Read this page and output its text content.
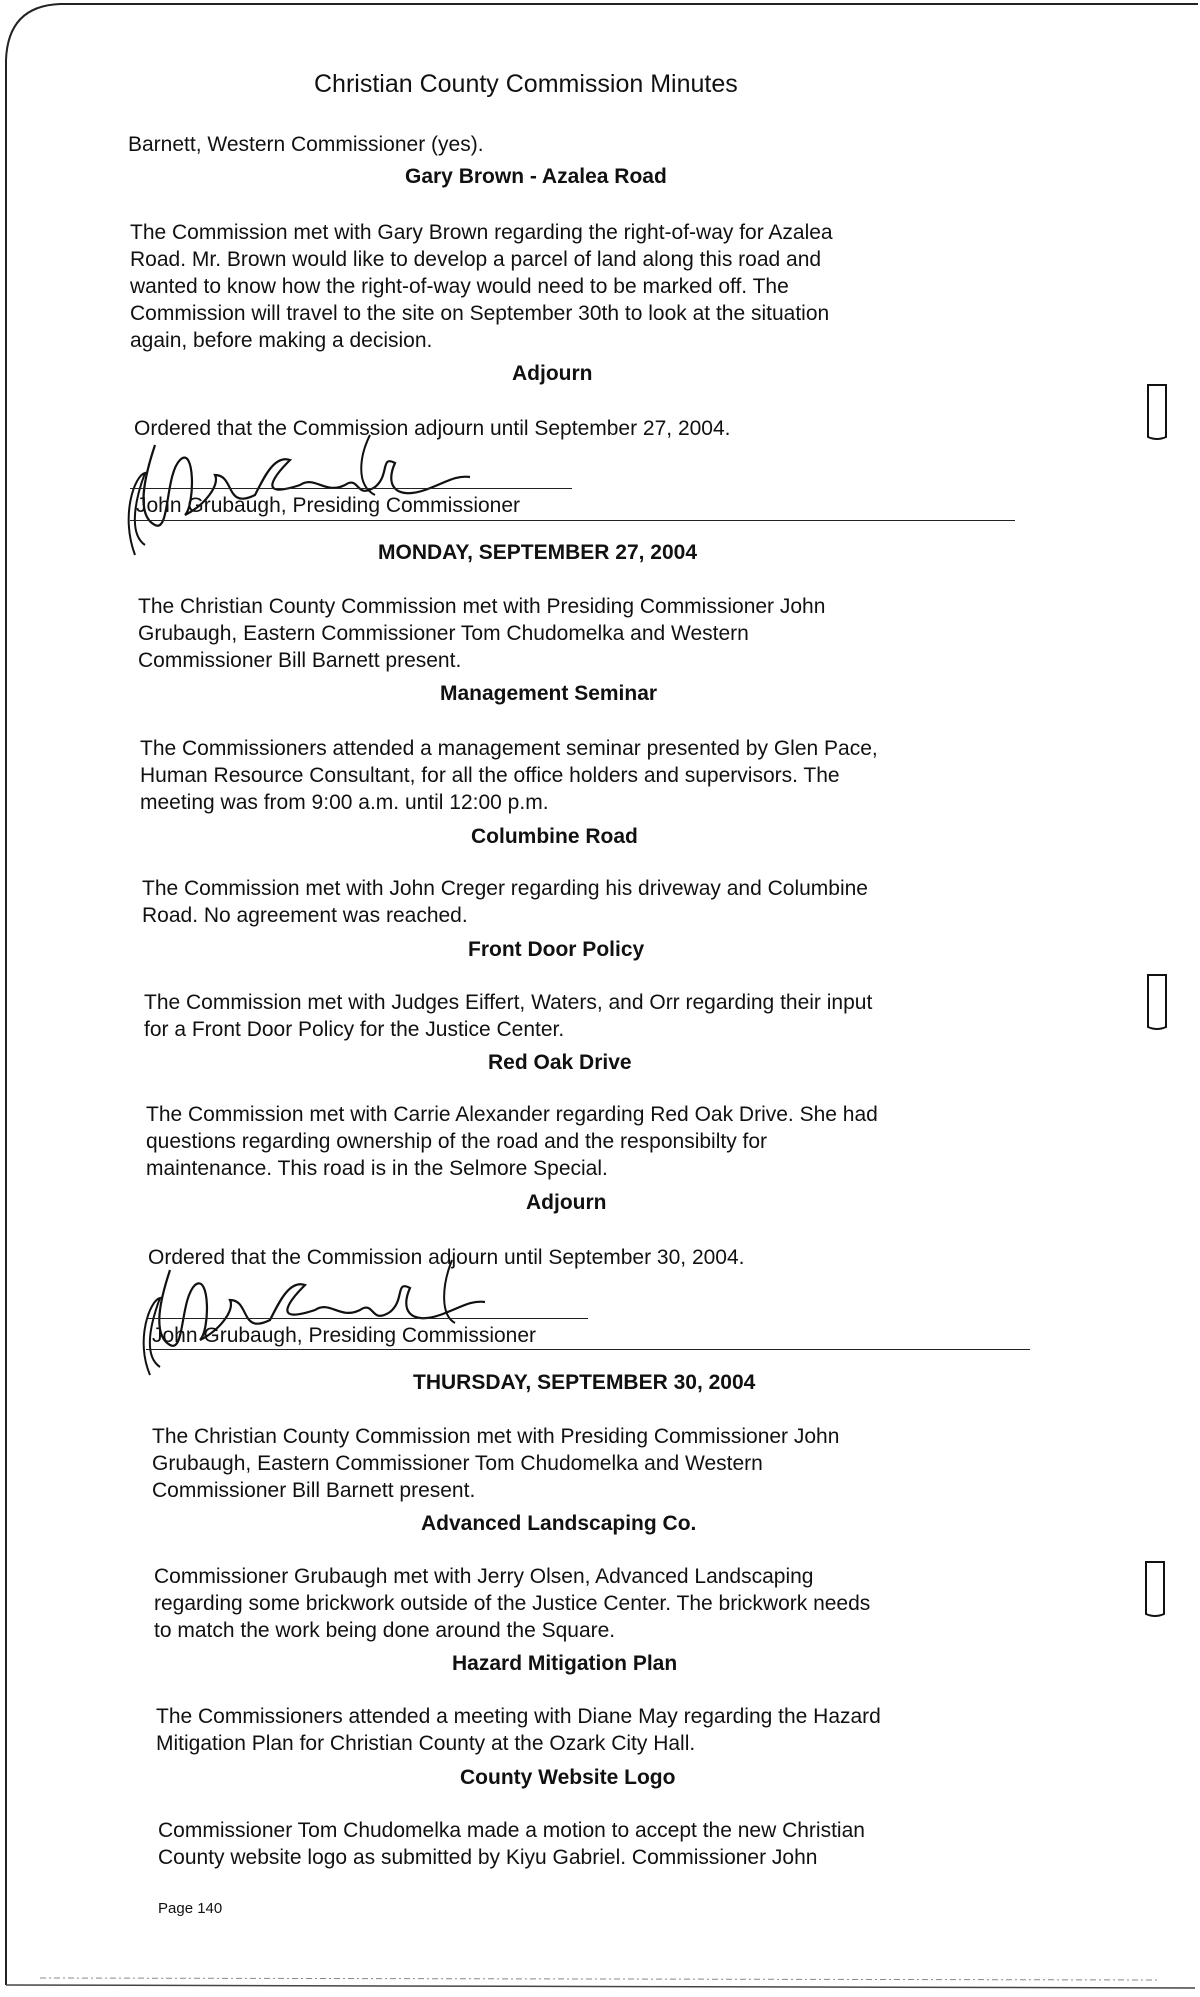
Christian County Commission Minutes
Barnett, Western Commissioner (yes).
Gary Brown - Azalea Road
The Commission met with Gary Brown regarding the right-of-way for Azalea
Road. Mr. Brown would like to develop a parcel of land along this road and
wanted to know how the right-of-way would need to be marked off. The
Commission will travel to the site on September 30th to look at the situation
again, before making a decision.
Adjourn
Ordered that the Commission adjourn until September 27, 2004.
John Grubaugh, Presiding Commissioner
MONDAY, SEPTEMBER 27, 2004
The Christian County Commission met with Presiding Commissioner John
Grubaugh, Eastern Commissioner Tom Chudomelka and Western
Commissioner Bill Barnett present.
Management Seminar
The Commissioners attended a management seminar presented by Glen Pace,
Human Resource Consultant, for all the office holders and supervisors. The
meeting was from 9:00 a.m. until 12:00 p.m.
Columbine Road
The Commission met with John Creger regarding his driveway and Columbine
Road. No agreement was reached.
Front Door Policy
The Commission met with Judges Eiffert, Waters, and Orr regarding their input
for a Front Door Policy for the Justice Center.
Red Oak Drive
The Commission met with Carrie Alexander regarding Red Oak Drive. She had
questions regarding ownership of the road and the responsibilty for
maintenance. This road is in the Selmore Special.
Adjourn
Ordered that the Commission adjourn until September 30, 2004.
John Grubaugh, Presiding Commissioner
THURSDAY, SEPTEMBER 30, 2004
The Christian County Commission met with Presiding Commissioner John
Grubaugh, Eastern Commissioner Tom Chudomelka and Western
Commissioner Bill Barnett present.
Advanced Landscaping Co.
Commissioner Grubaugh met with Jerry Olsen, Advanced Landscaping
regarding some brickwork outside of the Justice Center. The brickwork needs
to match the work being done around the Square.
Hazard Mitigation Plan
The Commissioners attended a meeting with Diane May regarding the Hazard
Mitigation Plan for Christian County at the Ozark City Hall.
County Website Logo
Commissioner Tom Chudomelka made a motion to accept the new Christian
County website logo as submitted by Kiyu Gabriel. Commissioner John
Page 140
